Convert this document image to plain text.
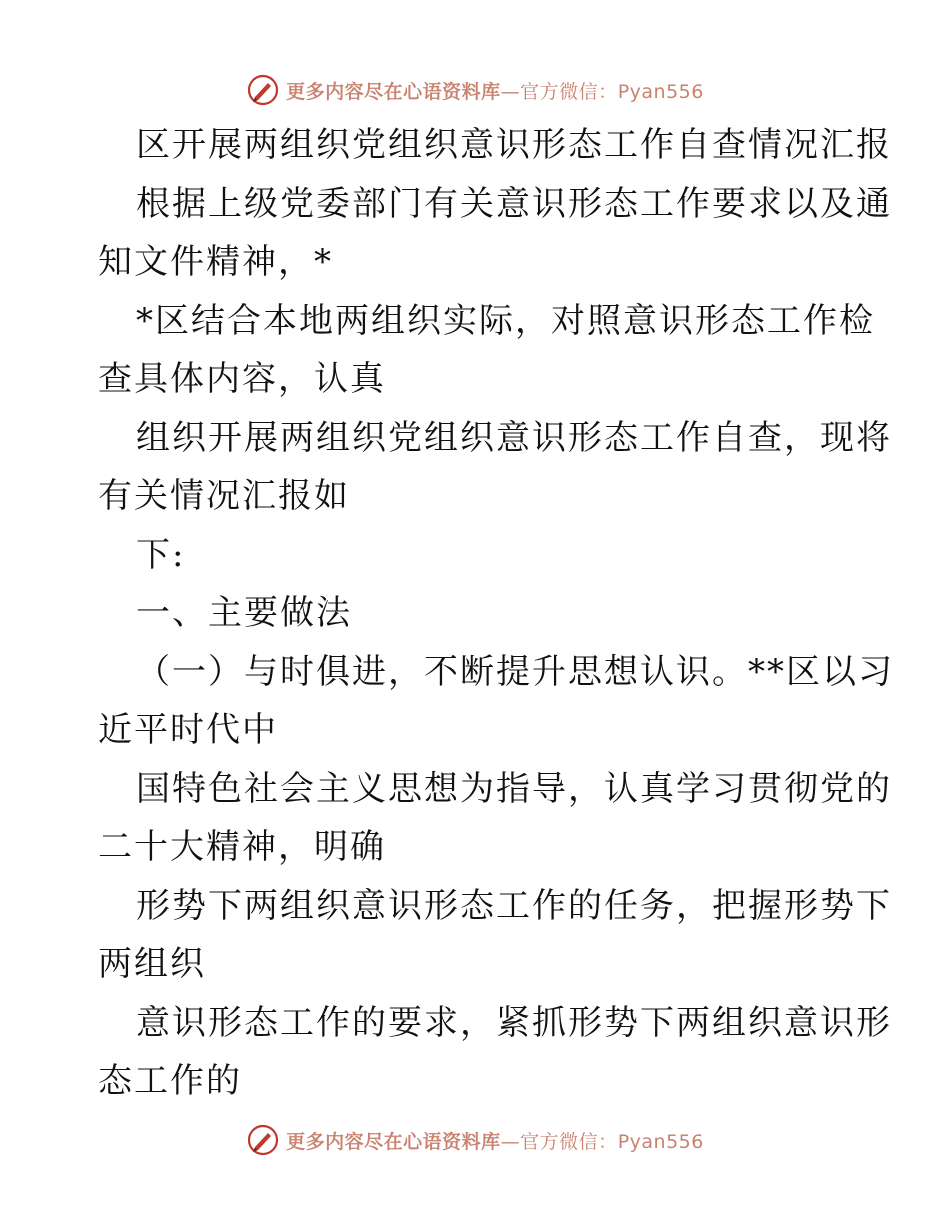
更多内容尽在心语资料库—官方微信：Pyan556
区开展两组织党组织意识形态工作自查情况汇报
根据上级党委部门有关意识形态工作要求以及通
知文件精神，*
*区结合本地两组织实际，对照意识形态工作检
查具体内容，认真
组织开展两组织党组织意识形态工作自查，现将
有关情况汇报如
下:
一、主要做法
（一）与时俱进，不断提升思想认识。**区以习
近平时代中
国特色社会主义思想为指导，认真学习贯彻党的
二十大精神，明确
形势下两组织意识形态工作的任务，把握形势下
两组织
意识形态工作的要求，紧抓形势下两组织意识形
态工作的
更多内容尽在心语资料库—官方微信：Pyan556
